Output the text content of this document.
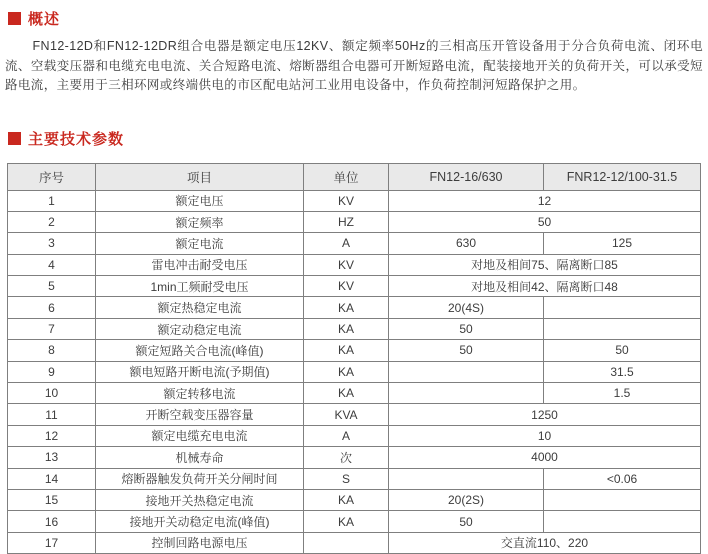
概述

FN12-12D和FN12-12DR组合电器是额定电压12KV、额定频率50Hz的三相高压开管设备用于分合负荷电流、闭环电流、空载变压器和电缆充电电流、关合短路电流、熔断器组合电器可开断短路电流，配装接地开关的负荷开关，可以承受短路电流，主要用于三相环网或终端供电的市区配电站河工业用电设备中，作负荷控制河短路保护之用。

主要技术参数
序号	项目	单位	FN12-16/630	FNR12-12/100-31.5
1	额定电压	KV	12	
2	额定频率	HZ	50	
3	额定电流	A	630	125
4	雷电冲击耐受电压	KV	对地及相间75、隔离断口85	
5	1min工频耐受电压	KV	对地及相间42、隔离断口48	
6	额定热稳定电流	KA	20(4S)	
7	额定动稳定电流	KA	50	
8	额定短路关合电流(峰值)	KA	50	50
9	额电短路开断电流(予期值)	KA		31.5
10	额定转移电流	KA		1.5
11	开断空载变压器容量	KVA	1250	
12	额定电缆充电电流	A	10	
13	机械寿命	次	4000	
14	熔断器触发负荷开关分闸时间	S		<0.06
15	接地开关热稳定电流	KA	20(2S)	
16	接地开关动稳定电流(峰值)	KA	50	
17	控制回路电源电压		交直流110、220	
